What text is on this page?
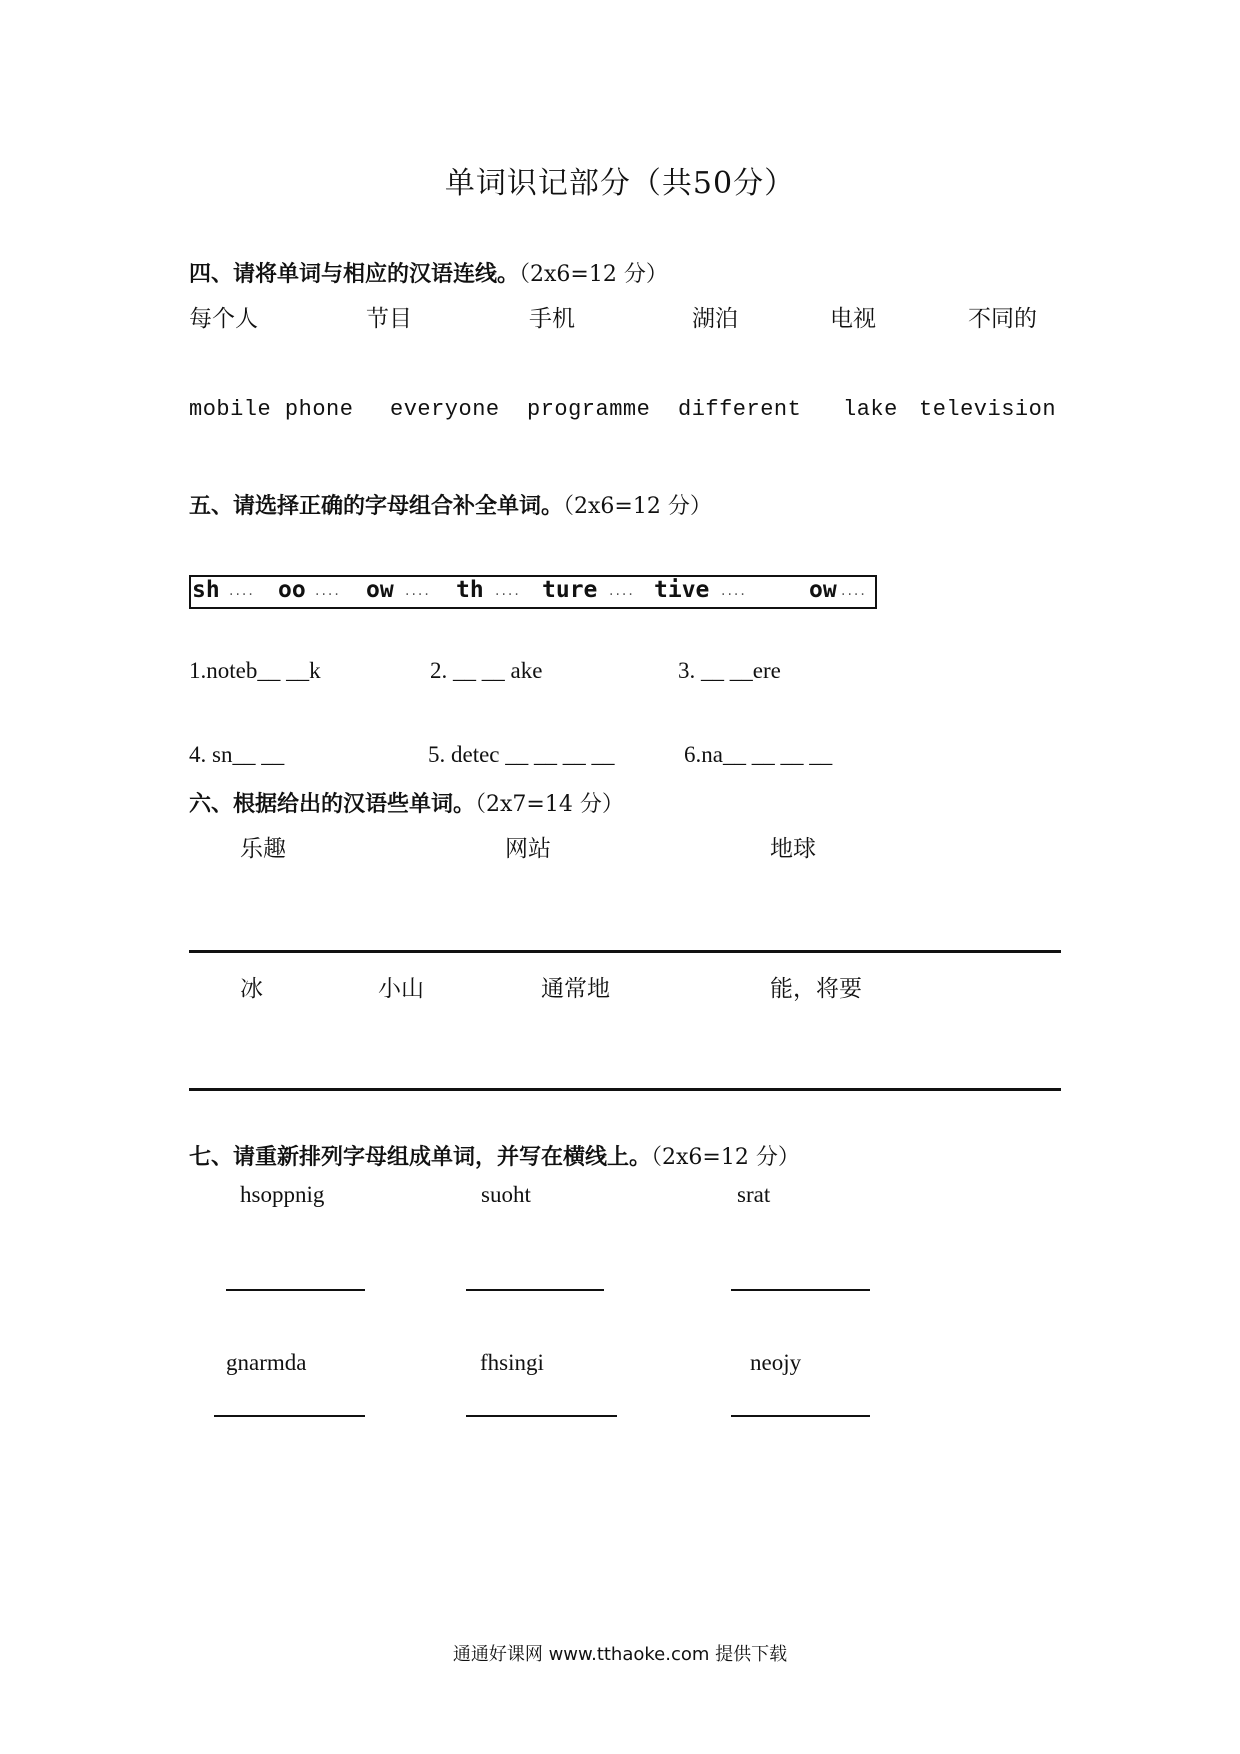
单词识记部分（共50分）
四、请将单词与相应的汉语连线。（2x6=12 分）
每个人	节目	手机	湖泊	电视	不同的
mobile phone everyone programme different lake television
五、请选择正确的字母组合补全单词。（2x6=12 分）
sh .... oo .... ow .... th .... ture .... tive ....	ow ....
1.noteb__ __k	2. __ __ ake	3. __ __ere
4. sn__ __	5. detec __ __ __ __	6.na__ __ __ __
六、根据给出的汉语些单词。（2x7=14 分）
乐趣	网站	地球
冰	小山	通常地	能，将要
七、请重新排列字母组成单词，并写在横线上。（2x6=12 分）
hsoppnig	suoht	srat
gnarmda	fhsingi	neojy
通通好课网 www.tthaoke.com 提供下载
